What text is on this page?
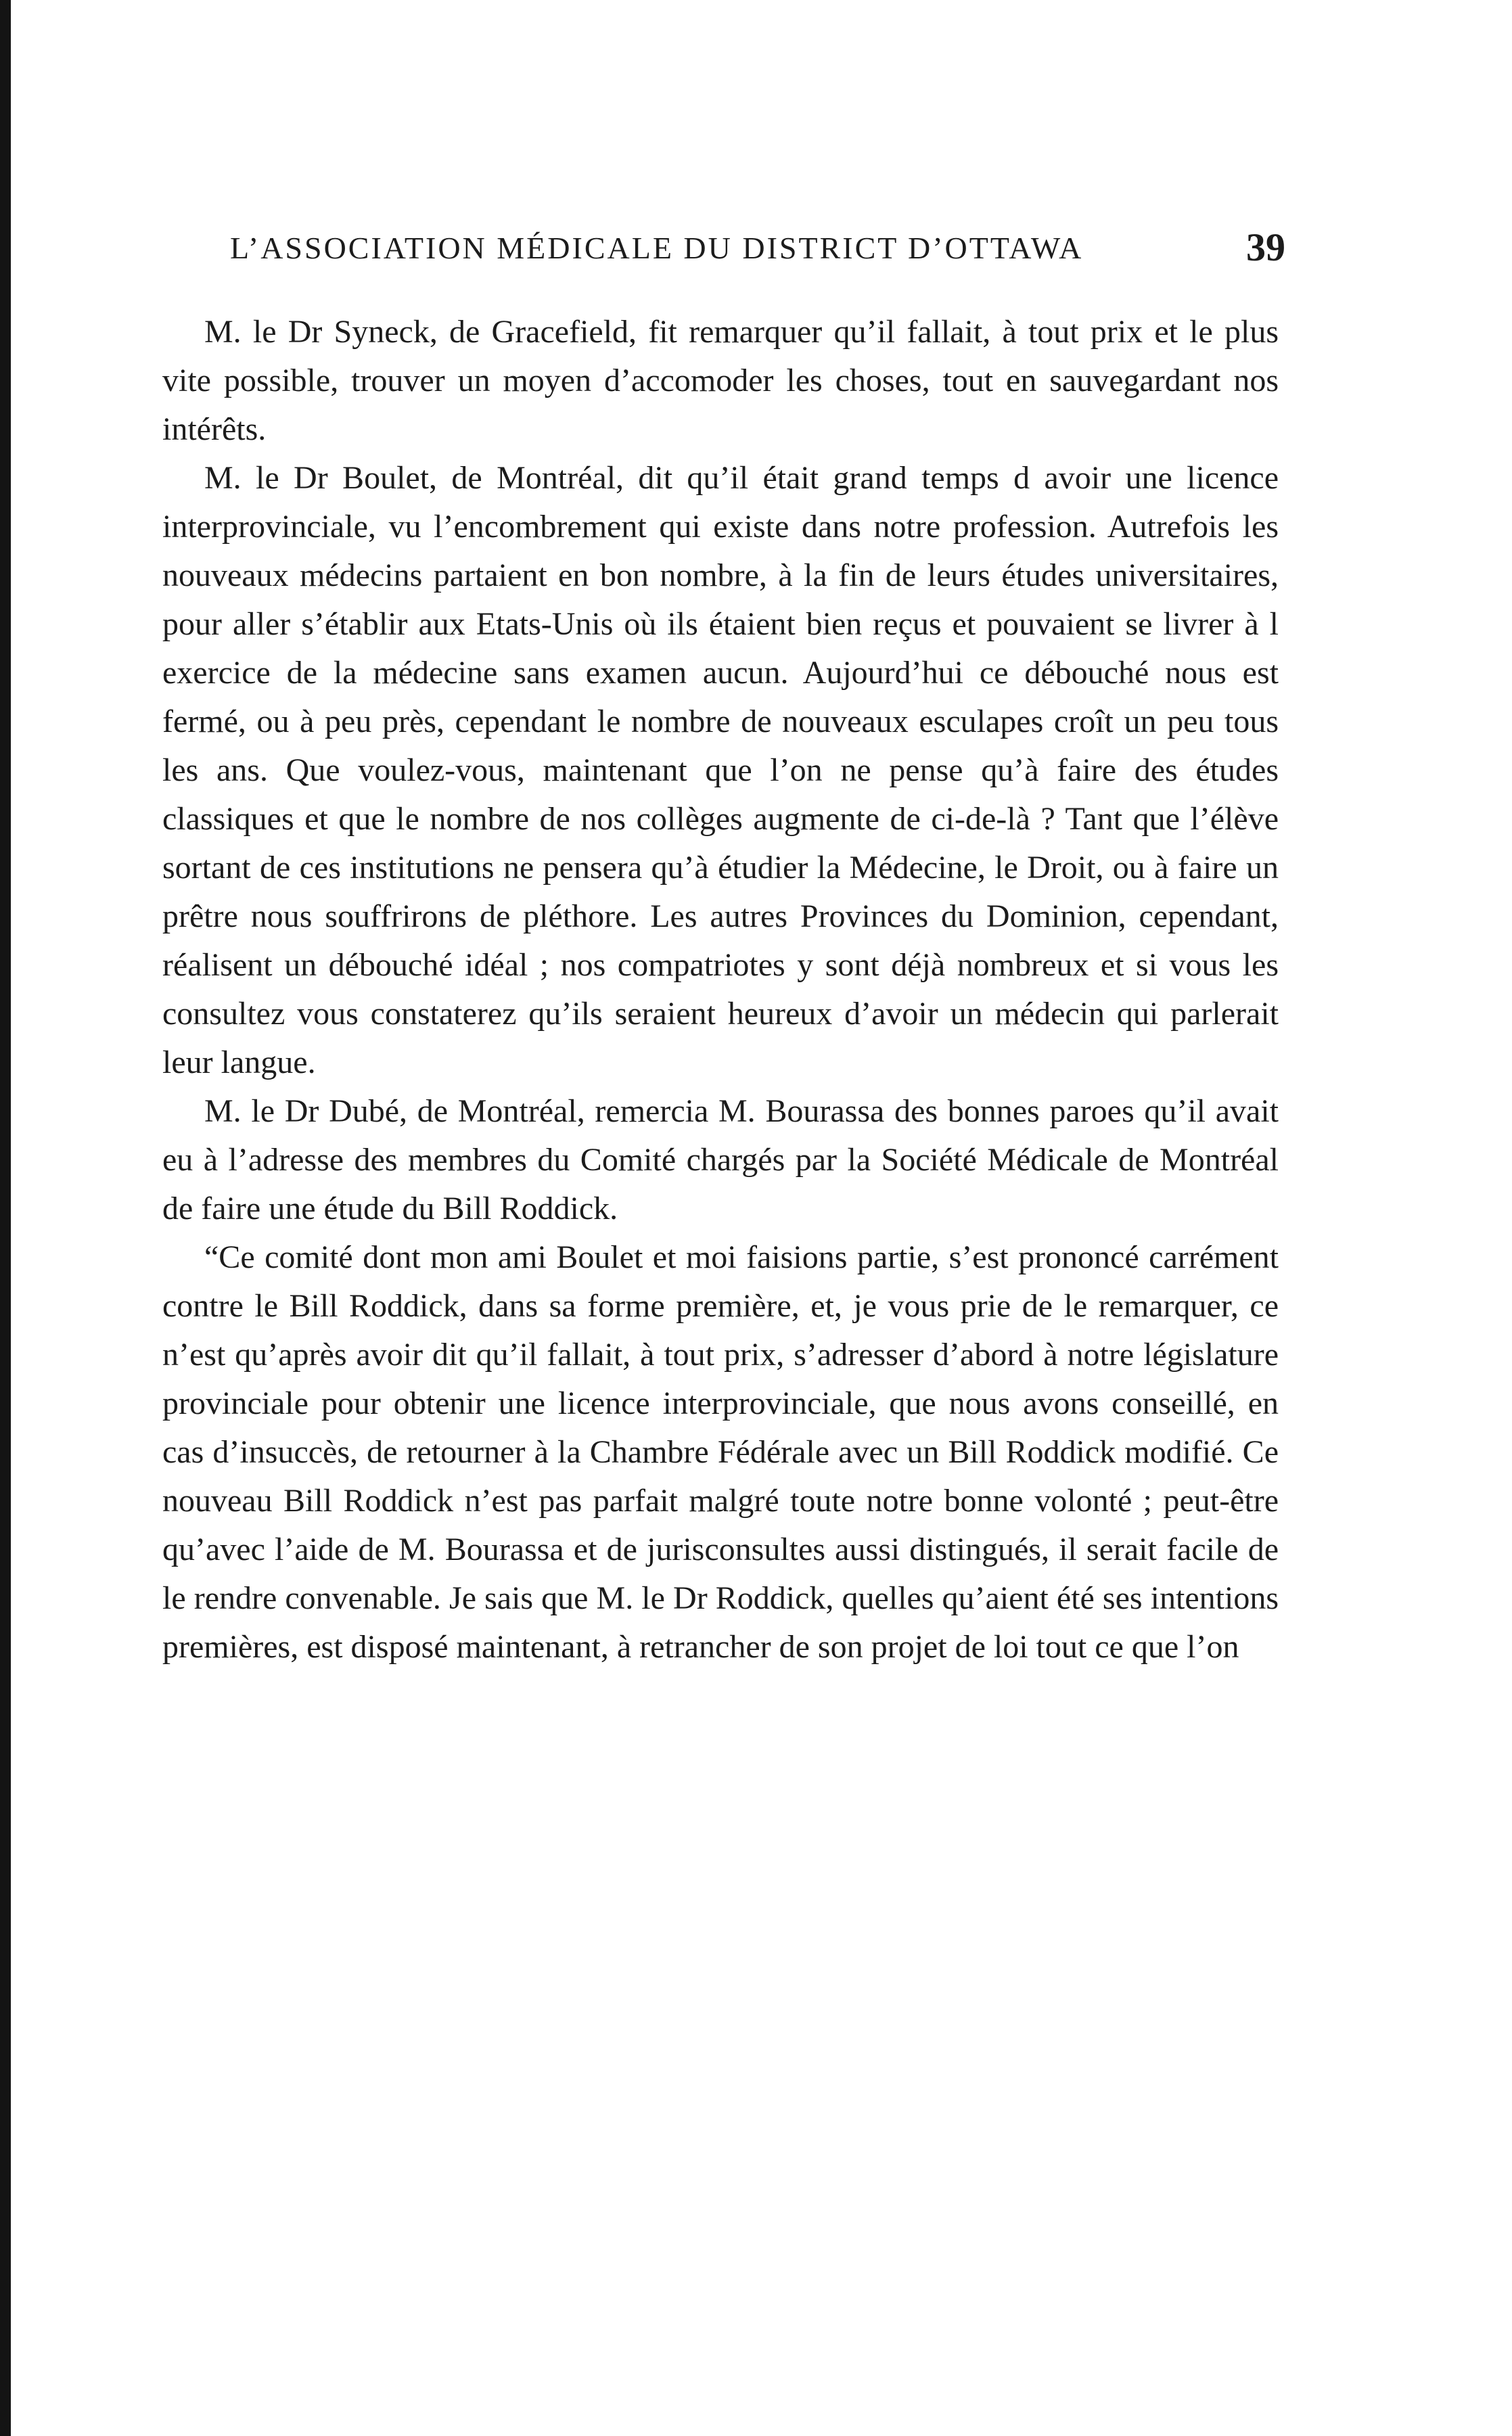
L’ASSOCIATION MÉDICALE DU DISTRICT D’OTTAWA	39

M. le Dr Syneck, de Gracefield, fit remarquer qu’il fallait, à tout prix et le plus vite possible, trouver un moyen d’accomoder les choses, tout en sauvegardant nos intérêts.

M. le Dr Boulet, de Montréal, dit qu’il était grand temps d avoir une licence interprovinciale, vu l’encombrement qui existe dans notre profession. Autrefois les nouveaux médecins partaient en bon nombre, à la fin de leurs études universitaires, pour aller s’établir aux Etats-Unis où ils étaient bien reçus et pouvaient se livrer à l exercice de la médecine sans examen aucun. Aujourd’hui ce débouché nous est fermé, ou à peu près, cependant le nombre de nouveaux esculapes croît un peu tous les ans. Que voulez-vous, maintenant que l’on ne pense qu’à faire des études classiques et que le nombre de nos collèges augmente de ci-de-là ? Tant que l’élève sortant de ces institutions ne pensera qu’à étudier la Médecine, le Droit, ou à faire un prêtre nous souffrirons de pléthore. Les autres Provinces du Dominion, cependant, réalisent un débouché idéal ; nos compatriotes y sont déjà nombreux et si vous les consultez vous constaterez qu’ils seraient heureux d’avoir un médecin qui parlerait leur langue.

M. le Dr Dubé, de Montréal, remercia M. Bourassa des bonnes paroes qu’il avait eu à l’adresse des membres du Comité chargés par la Société Médicale de Montréal de faire une étude du Bill Roddick.

“Ce comité dont mon ami Boulet et moi faisions partie, s’est prononcé carrément contre le Bill Roddick, dans sa forme première, et, je vous prie de le remarquer, ce n’est qu’après avoir dit qu’il fallait, à tout prix, s’adresser d’abord à notre législature provinciale pour obtenir une licence interprovinciale, que nous avons conseillé, en cas d’insuccès, de retourner à la Chambre Fédérale avec un Bill Roddick modifié. Ce nouveau Bill Roddick n’est pas parfait malgré toute notre bonne volonté ; peut-être qu’avec l’aide de M. Bourassa et de jurisconsultes aussi distingués, il serait facile de le rendre convenable. Je sais que M. le Dr Roddick, quelles qu’aient été ses intentions premières, est disposé maintenant, à retrancher de son projet de loi tout ce que l’on
